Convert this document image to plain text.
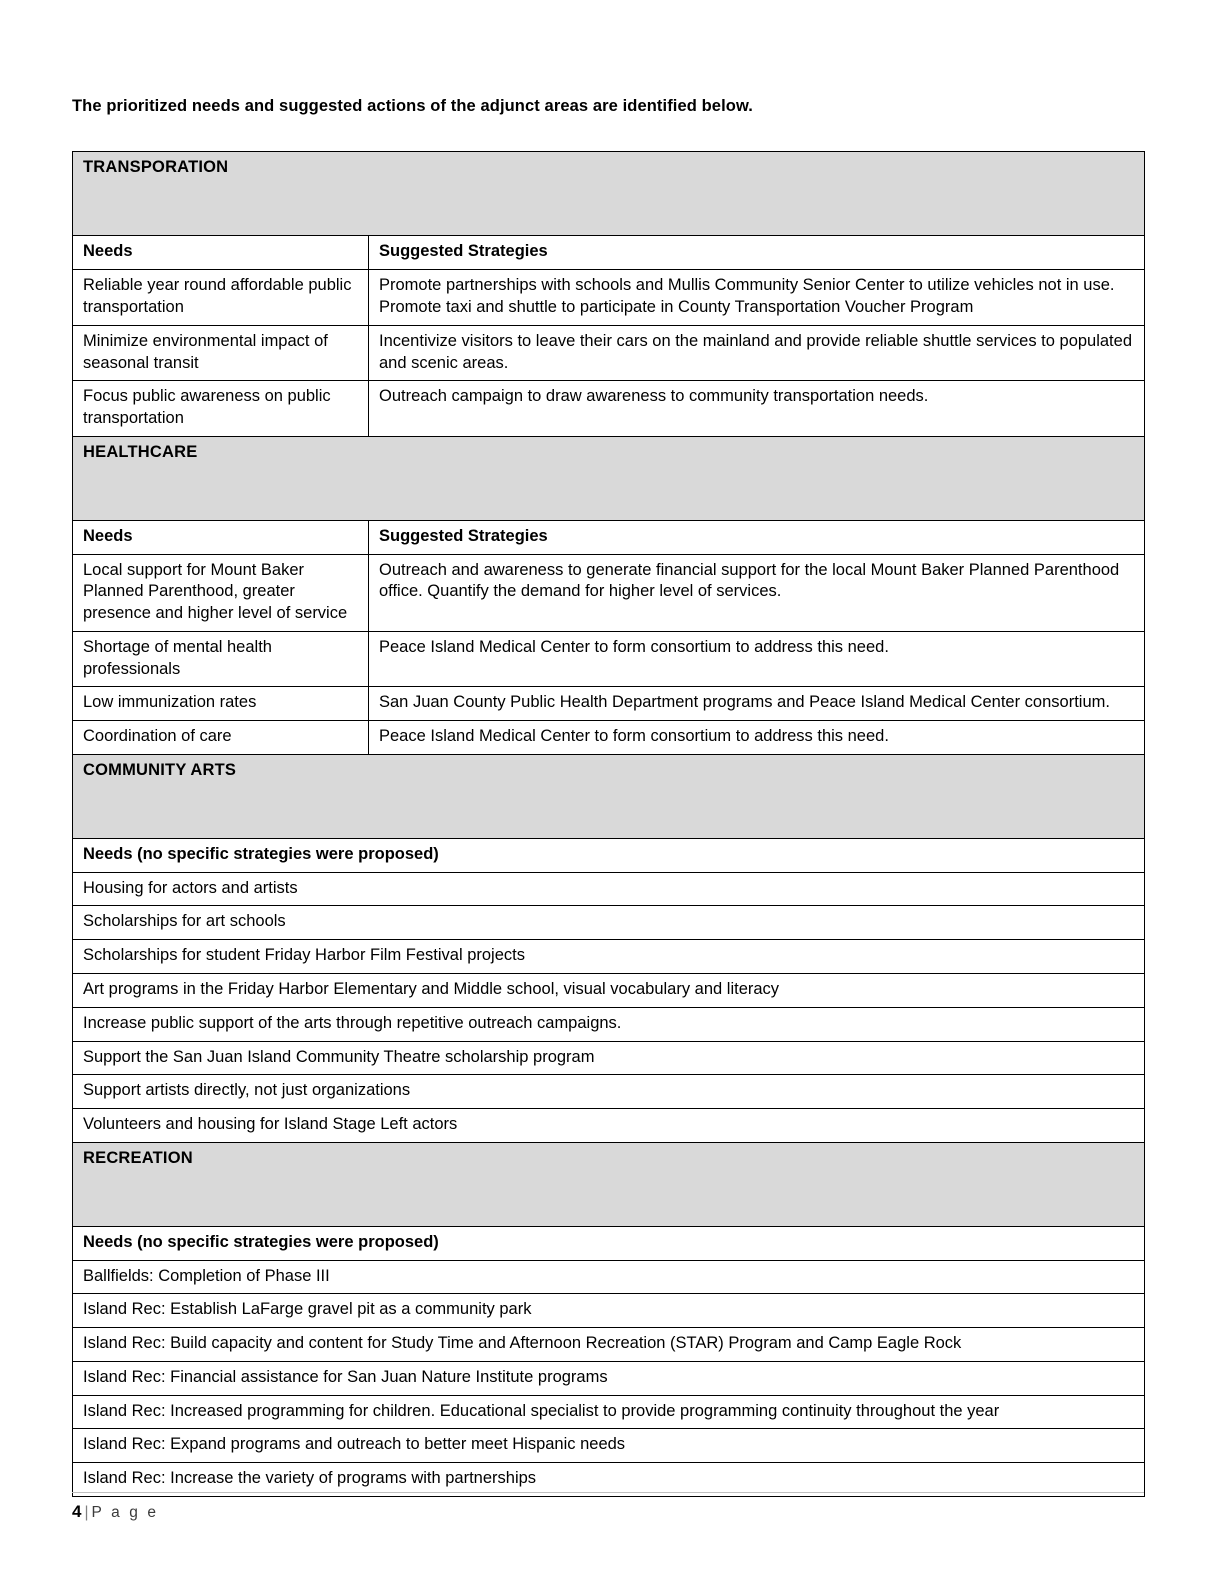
The prioritized needs and suggested actions of the adjunct areas are identified below.

TRANSPORATION	
Needs	Suggested Strategies
Reliable year round affordable public transportation	Promote partnerships with schools and Mullis Community Senior Center to utilize vehicles not in use. Promote taxi and shuttle to participate in County Transportation Voucher Program
Minimize environmental impact of seasonal transit	Incentivize visitors to leave their cars on the mainland and provide reliable shuttle services to populated and scenic areas.
Focus public awareness on public transportation	Outreach campaign to draw awareness to community transportation needs.
HEALTHCARE	
Needs	Suggested Strategies
Local support for Mount Baker Planned Parenthood, greater presence and higher level of service	Outreach and awareness to generate financial support for the local Mount Baker Planned Parenthood office. Quantify the demand for higher level of services.
Shortage of mental health professionals	Peace Island Medical Center to form consortium to address this need.
Low immunization rates	San Juan County Public Health Department programs and Peace Island Medical Center consortium.
Coordination of care	Peace Island Medical Center to form consortium to address this need.
COMMUNITY ARTS	
Needs (no specific strategies were proposed)	
Housing for actors and artists	
Scholarships for art schools	
Scholarships for student Friday Harbor Film Festival projects	
Art programs in the Friday Harbor Elementary and Middle school, visual vocabulary and literacy	
Increase public support of the arts through repetitive outreach campaigns.	
Support the San Juan Island Community Theatre scholarship program	
Support artists directly, not just organizations	
Volunteers and housing for Island Stage Left actors	
RECREATION	
Needs (no specific strategies were proposed)	
Ballfields: Completion of Phase III	
Island Rec: Establish LaFarge gravel pit as a community park	
Island Rec: Build capacity and content for Study Time and Afternoon Recreation (STAR) Program and Camp Eagle Rock	
Island Rec: Financial assistance for San Juan Nature Institute programs	
Island Rec: Increased programming for children. Educational specialist to provide programming continuity throughout the year	
Island Rec: Expand programs and outreach to better meet Hispanic needs	
Island Rec: Increase the variety of programs with partnerships	
4 | P a g e
